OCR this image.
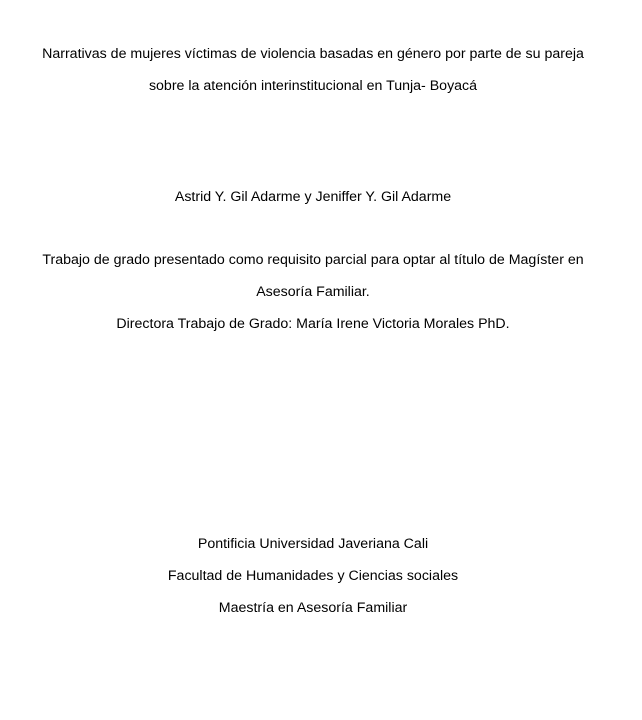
Narrativas de mujeres víctimas de violencia basadas en género por parte de su pareja
sobre la atención interinstitucional en Tunja- Boyacá
Astrid Y. Gil Adarme y Jeniffer Y. Gil Adarme
Trabajo de grado presentado como requisito parcial para optar al título de Magíster en
Asesoría Familiar.
Directora Trabajo de Grado: María Irene Victoria Morales PhD.
Pontificia Universidad Javeriana Cali
Facultad de Humanidades y Ciencias sociales
Maestría en Asesoría Familiar
